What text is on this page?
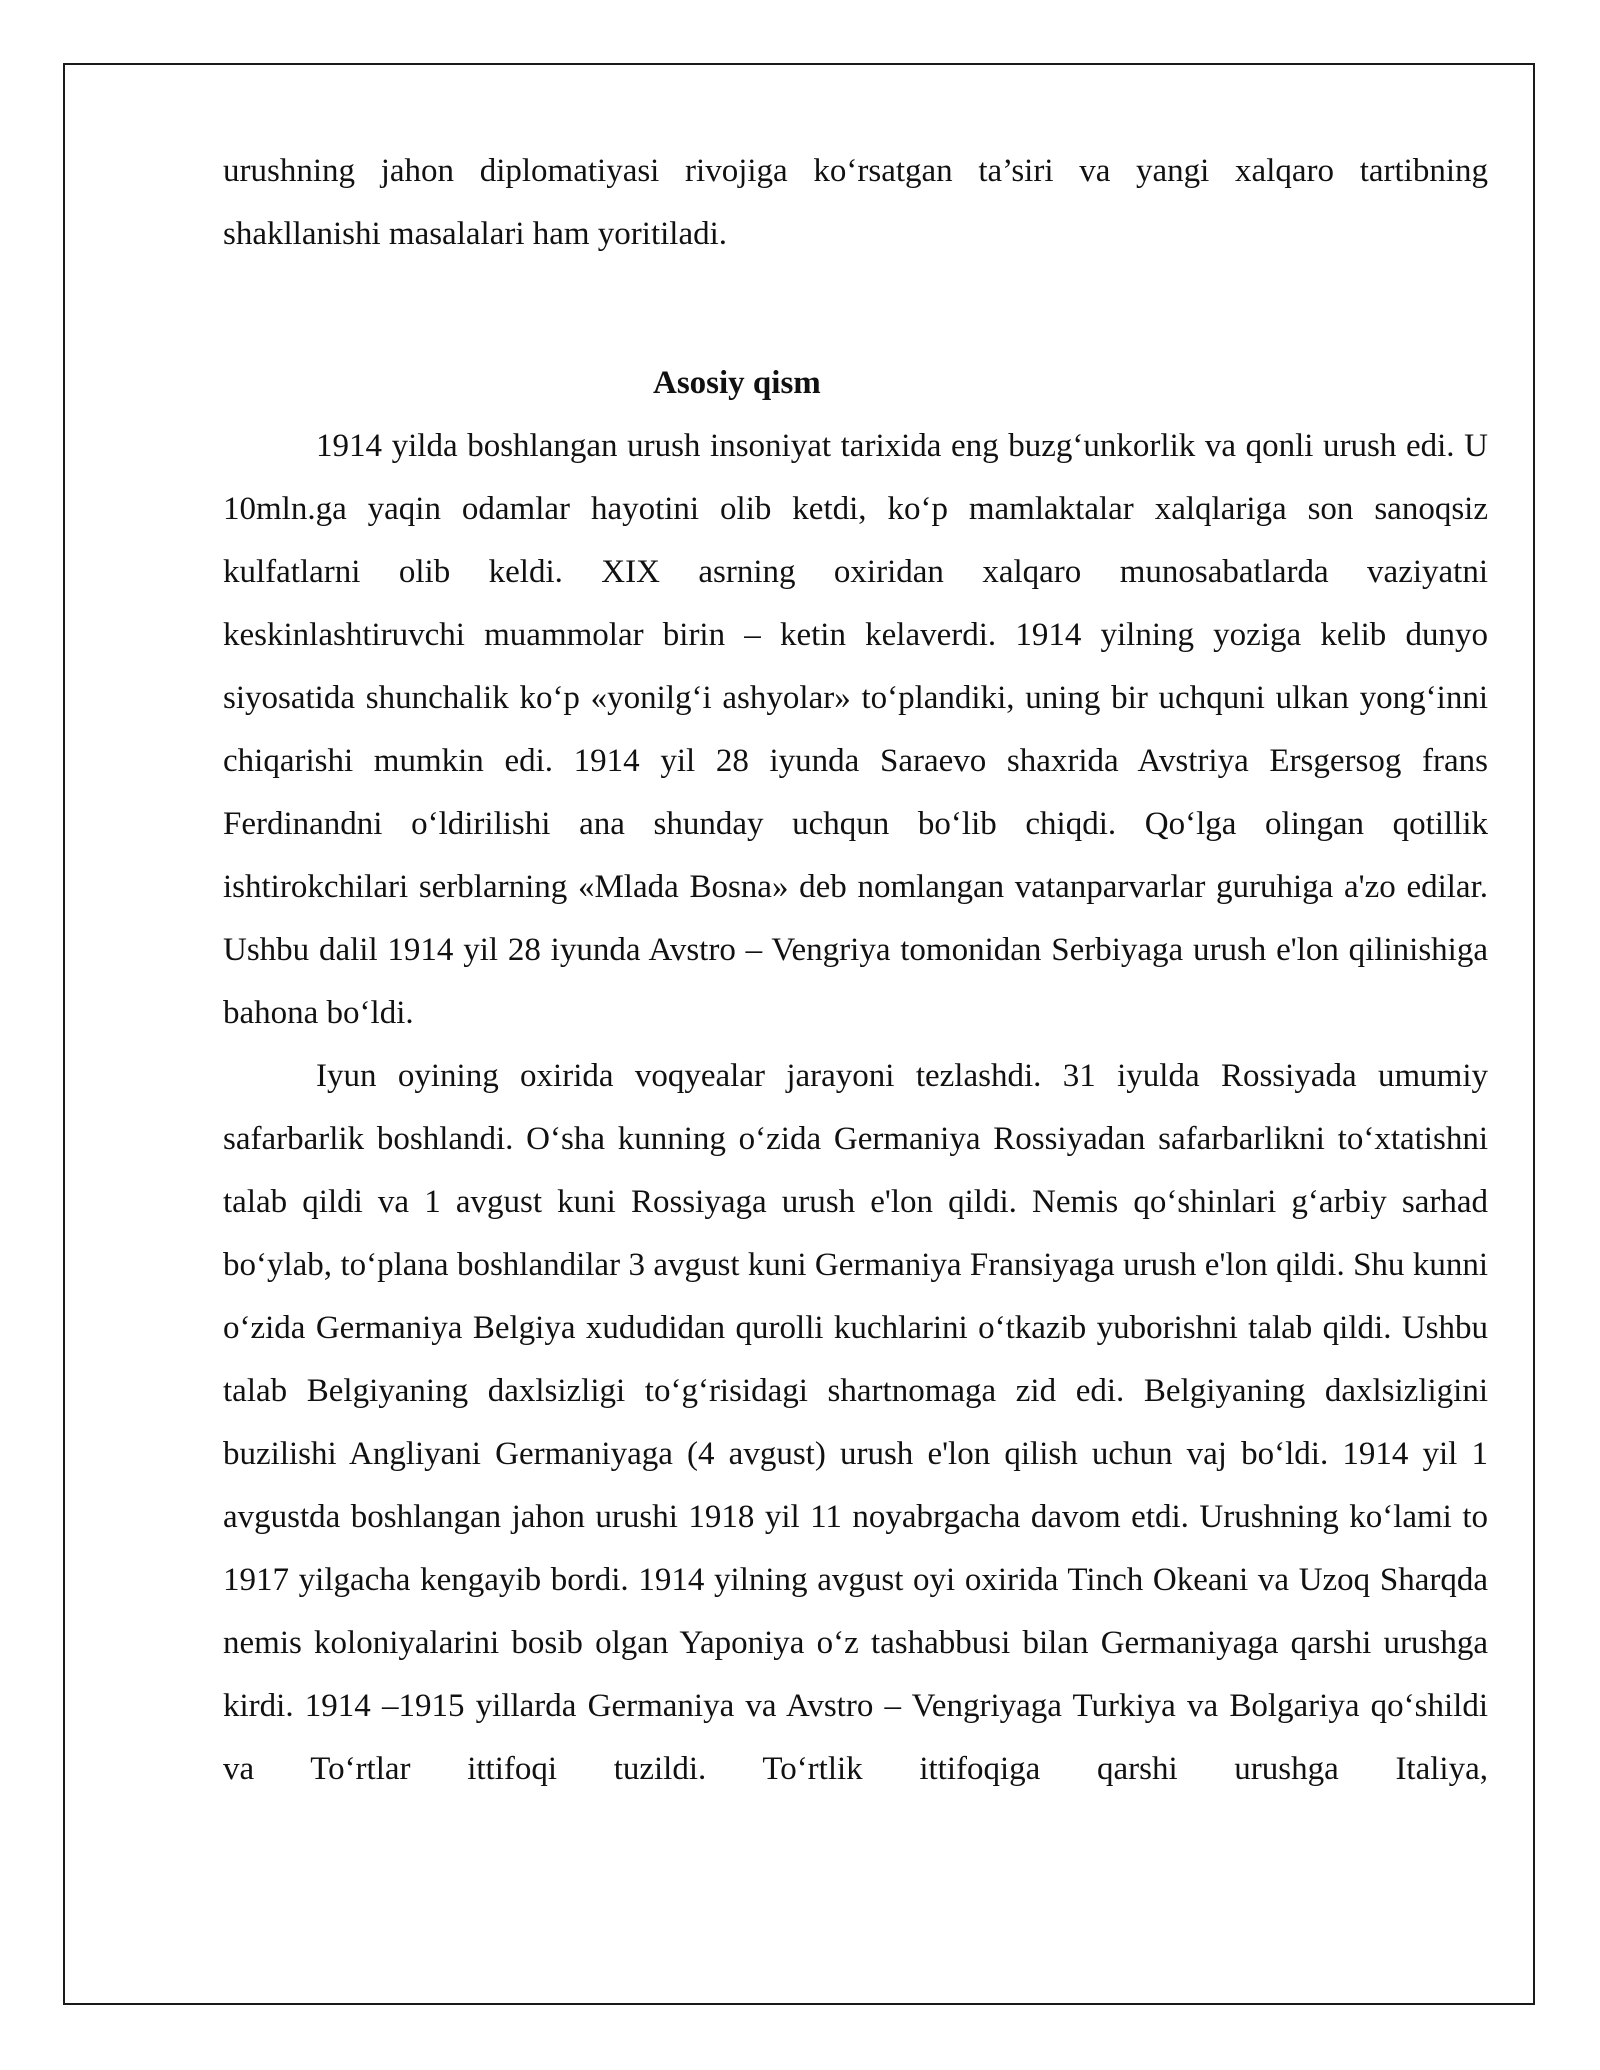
urushning jahon diplomatiyasi rivojiga ko‘rsatgan ta’siri va yangi xalqaro tartibning shakllanishi masalalari ham yoritiladi.

Asosiy qism

1914 yilda boshlangan urush insoniyat tarixida eng buzg‘unkorlik va qonli urush edi. U 10mln.ga yaqin odamlar hayotini olib ketdi, ko‘p mamlaktalar xalqlariga son sanoqsiz kulfatlarni olib keldi. XIX asrning oxiridan xalqaro munosabatlarda vaziyatni keskinlashtiruvchi muammolar birin – ketin kelaverdi. 1914 yilning yoziga kelib dunyo siyosatida shunchalik ko‘p «yonilg‘i ashyolar» to‘plandiki, uning bir uchquni ulkan yong‘inni chiqarishi mumkin edi. 1914 yil 28 iyunda Saraevo shaxrida Avstriya Ersgersog frans Ferdinandni o‘ldirilishi ana shunday uchqun bo‘lib chiqdi. Qo‘lga olingan qotillik ishtirokchilari serblarning «Mlada Bosna» deb nomlangan vatanparvarlar guruhiga a'zo edilar. Ushbu dalil 1914 yil 28 iyunda Avstro – Vengriya tomonidan Serbiyaga urush e'lon qilinishiga bahona bo‘ldi.

Iyun oyining oxirida voqyealar jarayoni tezlashdi. 31 iyulda Rossiyada umumiy safarbarlik boshlandi. O‘sha kunning o‘zida Germaniya Rossiyadan safarbarlikni to‘xtatishni talab qildi va 1 avgust kuni Rossiyaga urush e'lon qildi. Nemis qo‘shinlari g‘arbiy sarhad bo‘ylab, to‘plana boshlandilar 3 avgust kuni Germaniya Fransiyaga urush e'lon qildi. Shu kunni o‘zida Germaniya Belgiya xududidan qurolli kuchlarini o‘tkazib yuborishni talab qildi. Ushbu talab Belgiyaning daxlsizligi to‘g‘risidagi shartnomaga zid edi. Belgiyaning daxlsizligini buzilishi Angliyani Germaniyaga (4 avgust) urush e'lon qilish uchun vaj bo‘ldi. 1914 yil 1 avgustda boshlangan jahon urushi 1918 yil 11 noyabrgacha davom etdi. Urushning ko‘lami to 1917 yilgacha kengayib bordi. 1914 yilning avgust oyi oxirida Tinch Okeani va Uzoq Sharqda nemis koloniyalarini bosib olgan Yaponiya o‘z tashabbusi bilan Germaniyaga qarshi urushga kirdi. 1914 –1915 yillarda Germaniya va Avstro – Vengriyaga Turkiya va Bolgariya qo‘shildi va To‘rtlar ittifoqi tuzildi. To‘rtlik ittifoqiga qarshi urushga Italiya,
